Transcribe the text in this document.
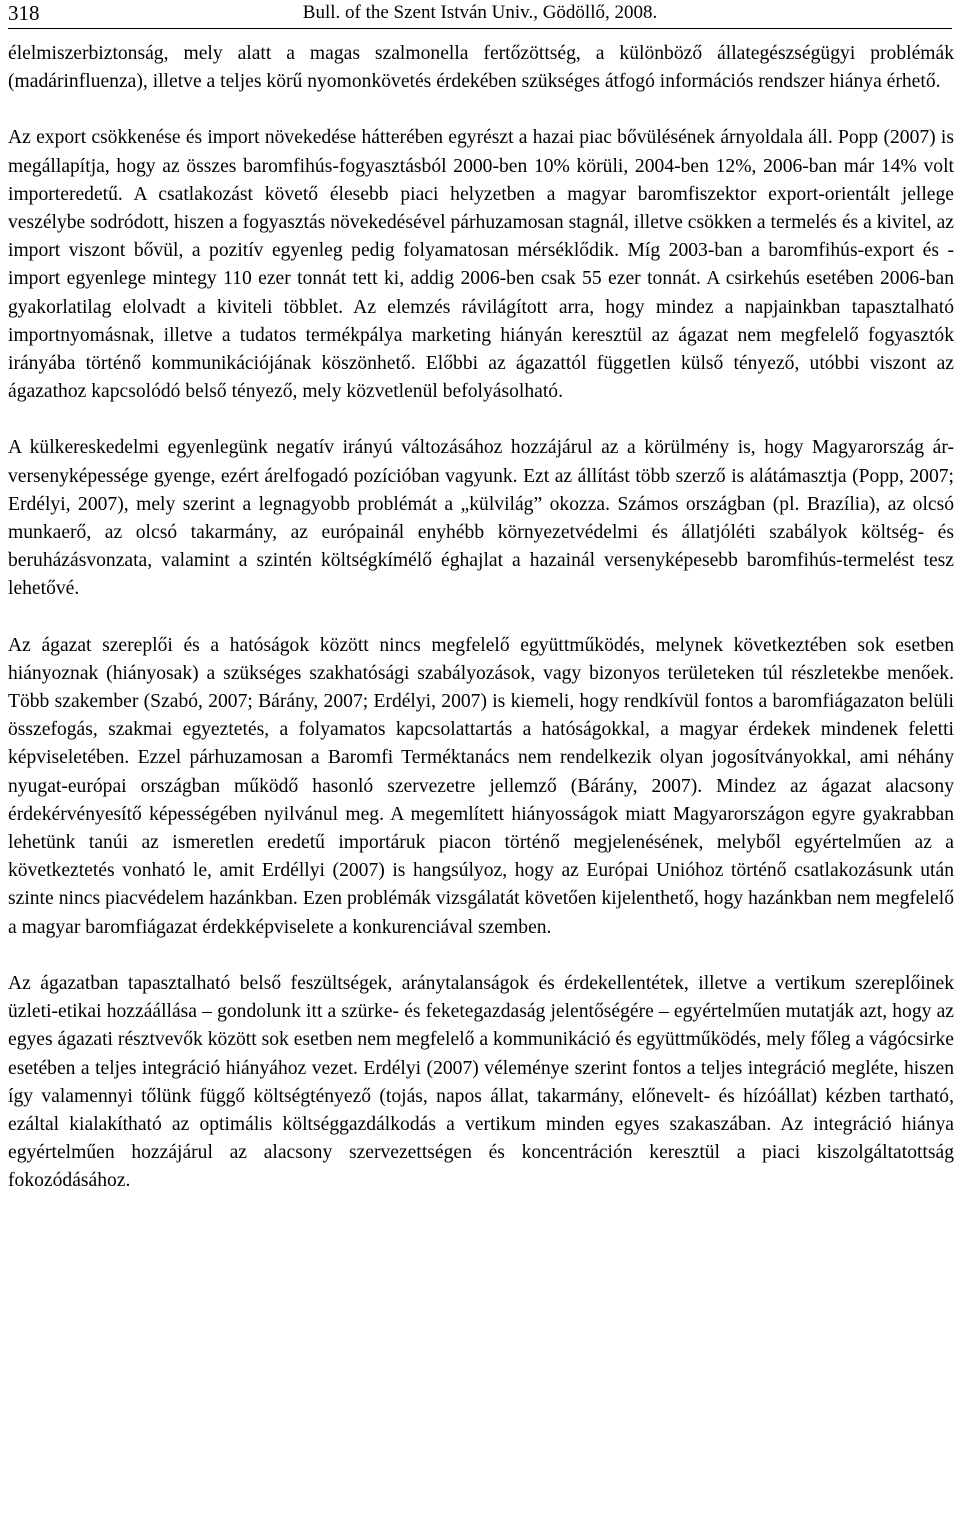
318	Bull. of the Szent István Univ., Gödöllő, 2008.

élelmiszerbiztonság, mely alatt a magas szalmonella fertőzöttség, a különböző állategészségügyi problémák (madárinfluenza), illetve a teljes körű nyomonkövetés érdekében szükséges átfogó információs rendszer hiánya érhető.

Az export csökkenése és import növekedése hátterében egyrészt a hazai piac bővülésének árnyoldala áll. Popp (2007) is megállapítja, hogy az összes baromfihús-fogyasztásból 2000-ben 10% körüli, 2004-ben 12%, 2006-ban már 14% volt importeredetű. A csatlakozást követő élesebb piaci helyzetben a magyar baromfiszektor export-orientált jellege veszélybe sodródott, hiszen a fogyasztás növekedésével párhuzamosan stagnál, illetve csökken a termelés és a kivitel, az import viszont bővül, a pozitív egyenleg pedig folyamatosan mérséklődik. Míg 2003-ban a baromfihús-export és -import egyenlege mintegy 110 ezer tonnát tett ki, addig 2006-ben csak 55 ezer tonnát. A csirkehús esetében 2006-ban gyakorlatilag elolvadt a kiviteli többlet. Az elemzés rávilágított arra, hogy mindez a napjainkban tapasztalható importnyomásnak, illetve a tudatos termékpálya marketing hiányán keresztül az ágazat nem megfelelő fogyasztók irányába történő kommunikációjának köszönhető. Előbbi az ágazattól független külső tényező, utóbbi viszont az ágazathoz kapcsolódó belső tényező, mely közvetlenül befolyásolható.

A külkereskedelmi egyenlegünk negatív irányú változásához hozzájárul az a körülmény is, hogy Magyarország ár-versenyképessége gyenge, ezért árelfogadó pozícióban vagyunk. Ezt az állítást több szerző is alátámasztja (Popp, 2007; Erdélyi, 2007), mely szerint a legnagyobb problémát a „külvilág” okozza. Számos országban (pl. Brazília), az olcsó munkaerő, az olcsó takarmány, az európainál enyhébb környezetvédelmi és állatjóléti szabályok költség- és beruházásvonzata, valamint a szintén költségkímélő éghajlat a hazainál versenyképesebb baromfihús-termelést tesz lehetővé.

Az ágazat szereplői és a hatóságok között nincs megfelelő együttműködés, melynek következtében sok esetben hiányoznak (hiányosak) a szükséges szakhatósági szabályozások, vagy bizonyos területeken túl részletekbe menőek. Több szakember (Szabó, 2007; Bárány, 2007; Erdélyi, 2007) is kiemeli, hogy rendkívül fontos a baromfiágazaton belüli összefogás, szakmai egyeztetés, a folyamatos kapcsolattartás a hatóságokkal, a magyar érdekek mindenek feletti képviseletében. Ezzel párhuzamosan a Baromfi Terméktanács nem rendelkezik olyan jogosítványokkal, ami néhány nyugat-európai országban működő hasonló szervezetre jellemző (Bárány, 2007). Mindez az ágazat alacsony érdekérvényesítő képességében nyilvánul meg. A megemlített hiányosságok miatt Magyarországon egyre gyakrabban lehetünk tanúi az ismeretlen eredetű importáruk piacon történő megjelenésének, melyből egyértelműen az a következtetés vonható le, amit Erdéllyi (2007) is hangsúlyoz, hogy az Európai Unióhoz történő csatlakozásunk után szinte nincs piacvédelem hazánkban. Ezen problémák vizsgálatát követően kijelenthető, hogy hazánkban nem megfelelő a magyar baromfiágazat érdekképviselete a konkurenciával szemben.

Az ágazatban tapasztalható belső feszültségek, aránytalanságok és érdekellentétek, illetve a vertikum szereplőinek üzleti-etikai hozzáállása – gondolunk itt a szürke- és feketegazdaság jelentőségére – egyértelműen mutatják azt, hogy az egyes ágazati résztvevők között sok esetben nem megfelelő a kommunikáció és együttműködés, mely főleg a vágócsirke esetében a teljes integráció hiányához vezet. Erdélyi (2007) véleménye szerint fontos a teljes integráció megléte, hiszen így valamennyi tőlünk függő költségtényező (tojás, napos állat, takarmány, előnevelt- és hízóállat) kézben tartható, ezáltal kialakítható az optimális költséggazdálkodás a vertikum minden egyes szakaszában. Az integráció hiánya egyértelműen hozzájárul az alacsony szervezettségen és koncentráción keresztül a piaci kiszolgáltatottság fokozódásához.
